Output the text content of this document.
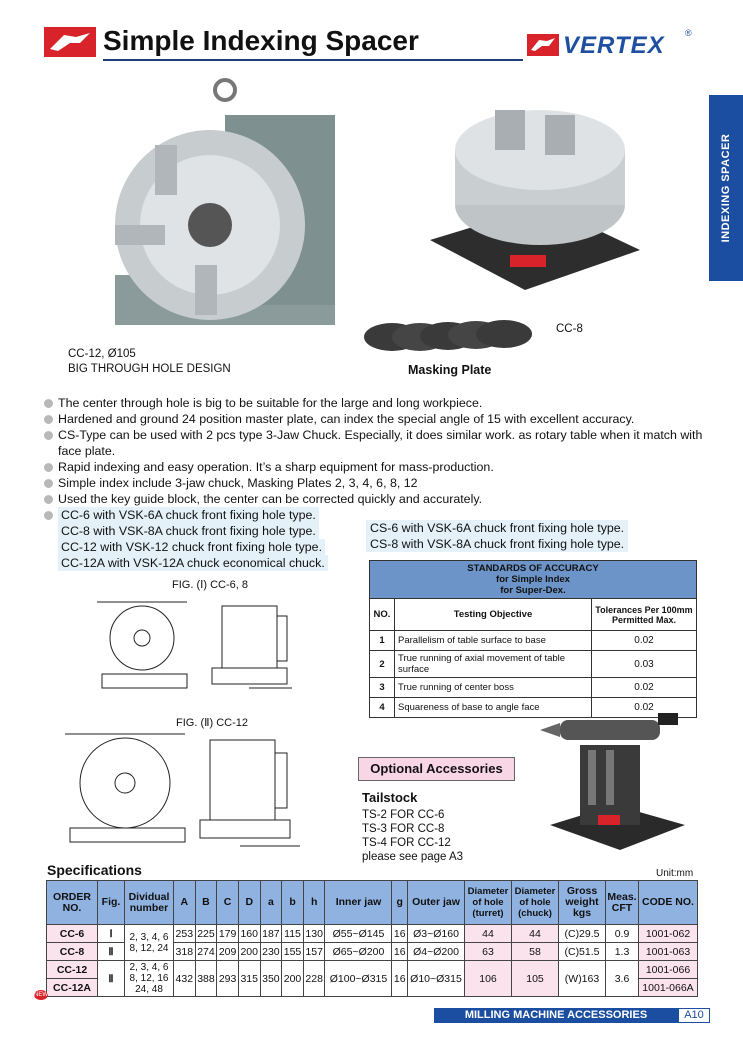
Simple Indexing Spacer	VERTEX ®
INDEXING SPACER
CC-12, Ø105
BIG THROUGH HOLE DESIGN
CC-8
Masking Plate
The center through hole is big to be suitable for the large and long workpiece.
Hardened and ground 24 position master plate, can index the special angle of 15 with excellent accuracy.
CS-Type can be used with 2 pcs type 3-Jaw Chuck. Especially, it does similar work. as rotary table when it match with face plate.
Rapid indexing and easy operation. It’s a sharp equipment for mass-production.
Simple index include 3-jaw chuck, Masking Plates 2, 3, 4, 6, 8, 12
Used the key guide block, the center can be corrected quickly and accurately.
CC-6 with VSK-6A chuck front fixing hole type.
CC-8 with VSK-8A chuck front fixing hole type.
CC-12 with VSK-12 chuck front fixing hole type.
CC-12A with VSK-12A chuck economical chuck.
CS-6 with VSK-6A chuck front fixing hole type.
CS-8 with VSK-8A chuck front fixing hole type.
FIG. (Ⅰ) CC-6, 8
FIG. (Ⅱ) CC-12
STANDARDS OF ACCURACY
for Simple Index
for Super-Dex.		

NO.	Testing Objective	Tolerances Per 100mm Permitted Max.
1	Parallelism of table surface to base	0.02
2	True running of axial movement of table surface	0.03
3	True running of center boss	0.02
4	Squareness of base to angle face	0.02
Optional Accessories
Tailstock
TS-2 FOR CC-6
TS-3 FOR CC-8
TS-4 FOR CC-12
please see page A3
Specifications	Unit:mm
ORDER NO.	Fig.	Dividual number	A	B	C	D	a	b	h	Inner jaw	g	Outer jaw	Diameter of hole (turret)	Diameter of hole (chuck)	Gross weight kgs	Meas. CFT	CODE NO.
CC-6	Ⅰ	2, 3, 4, 6 8, 12, 24	253	225	179	160	187	115	130	Ø55~Ø145	16	Ø3~Ø160	44	44	(C)29.5	0.9	1001-062
CC-8	Ⅱ		318	274	209	200	230	155	157	Ø65~Ø200	16	Ø4~Ø200	63	58	(C)51.5	1.3	1001-063
CC-12	Ⅱ	2, 3, 4, 6 8, 12, 16 24, 48	432	388	293	315	350	200	228	Ø100~Ø315	16	Ø10~Ø315	106	105	(W)163	3.6	1001-066
CC-12A																	1001-066A
NEW
MILLING MACHINE ACCESSORIES	A10
